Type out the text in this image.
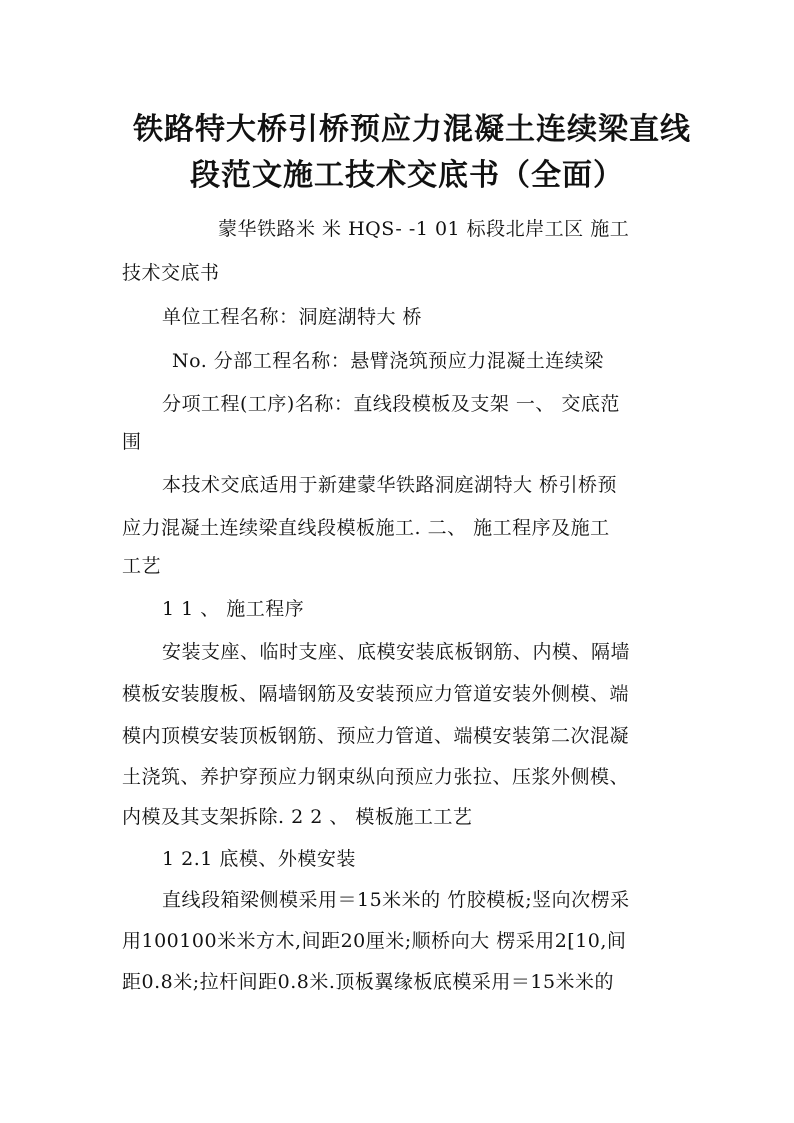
铁路特大桥引桥预应力混凝土连续梁直线
段范文施工技术交底书（全面）
蒙华铁路米 米 HQS- -1 01 标段北岸工区 施工
技术交底书
单位工程名称：洞庭湖特大 桥
No. 分部工程名称：悬臂浇筑预应力混凝土连续梁
分项工程(工序)名称：直线段模板及支架 一、 交底范
围
本技术交底适用于新建蒙华铁路洞庭湖特大 桥引桥预
应力混凝土连续梁直线段模板施工. 二、 施工程序及施工
工艺
1 1 、 施工程序
安装支座、临时支座、底模安装底板钢筋、内模、隔墙
模板安装腹板、隔墙钢筋及安装预应力管道安装外侧模、端
模内顶模安装顶板钢筋、预应力管道、端模安装第二次混凝
土浇筑、养护穿预应力钢束纵向预应力张拉、压浆外侧模、
内模及其支架拆除. 2 2 、 模板施工工艺
1 2.1 底模、外模安装
直线段箱梁侧模采用＝15米米的 竹胶模板;竖向次楞采
用100100米米方木,间距20厘米;顺桥向大 楞采用2[10,间
距0.8米;拉杆间距0.8米.顶板翼缘板底模采用＝15米米的
